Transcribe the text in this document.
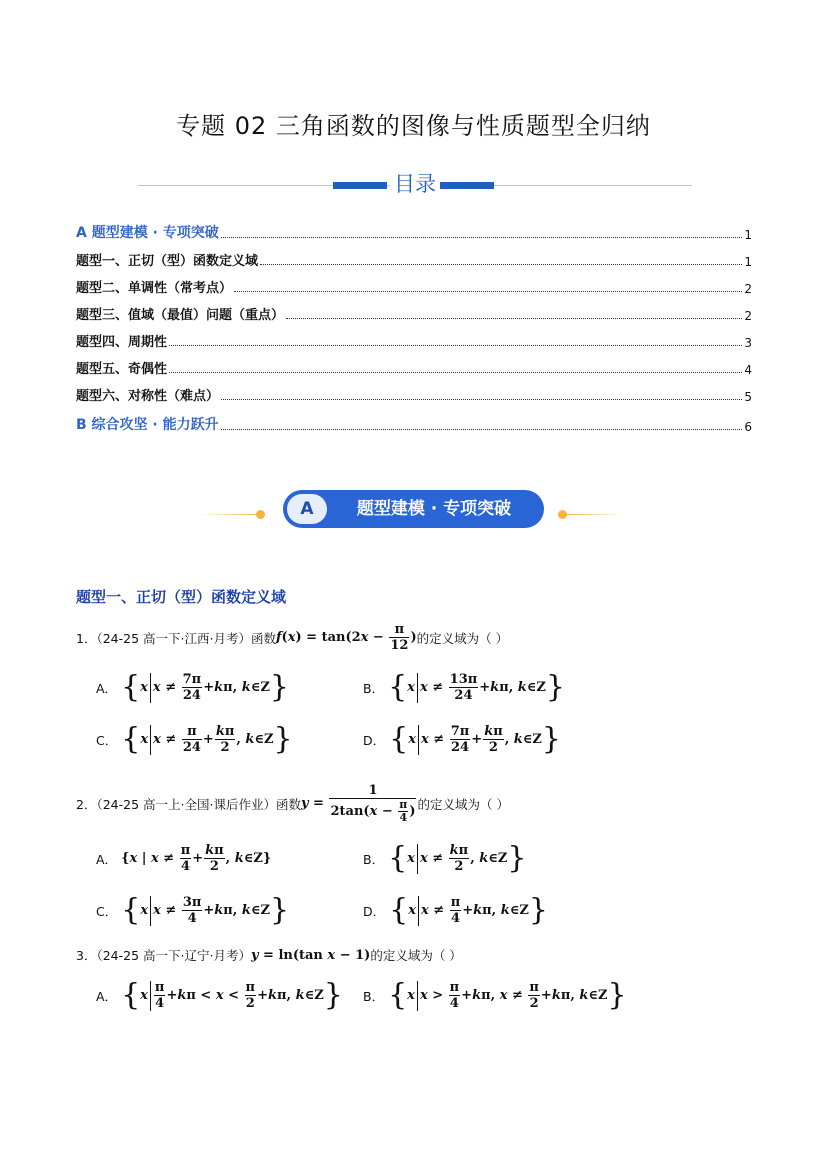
专题 02 三角函数的图像与性质题型全归纳
目录
A 题型建模 · 专项突破	1
题型一、正切（型）函数定义域	1
题型二、单调性（常考点）	2
题型三、值域（最值）问题（重点）	2
题型四、周期性	3
题型五、奇偶性	4
题型六、对称性（难点）	5
B 综合攻坚 · 能力跃升	6
A	题型建模 · 专项突破
题型一、正切（型）函数定义域
1．（24-25 高一下·江西·月考）函数 $f(x) = \tan(2x - \frac{\pi}{12}$ ) 的定义域为（ ）
A． {x $x \ne \frac{7\pi}{24} +k\pi$, k∈Z}	B． {x $x \ne \frac{13\pi}{24} +k\pi$, k∈Z}
C． {x $x \ne \frac{\pi}{24} + \frac{k\pi}{2}$ , k∈Z}	D． {x $x \ne \frac{7\pi}{24} + \frac{k\pi}{2}$ , k∈Z}
2．（24-25 高一上·全国·课后作业）函数 $y = \frac{1}{2\tan(x - \frac{\pi}{4} )}$ 的定义域为（ ）
A． {x | $x \ne \frac{\pi}{4} + \frac{k\pi}{2}$ , k∈Z}	B． {x $x \ne \frac{k\pi}{2}$ , k∈Z}
C． {x $x \ne \frac{3\pi}{4} +k\pi$, k∈Z}	D． {x $x \ne \frac{\pi}{4} +k\pi$, k∈Z}
3．（24-25 高一下·辽宁·月考） y = ln(tan x − 1) 的定义域为（ ）
A． {$x \frac{\pi}{4} +k\pi < x < \frac{\pi}{2} +k\pi$, k∈Z} B． {x $x > \frac{\pi}{4} +k\pi$, $x \ne \frac{\pi}{2} +k\pi$, k∈Z}
